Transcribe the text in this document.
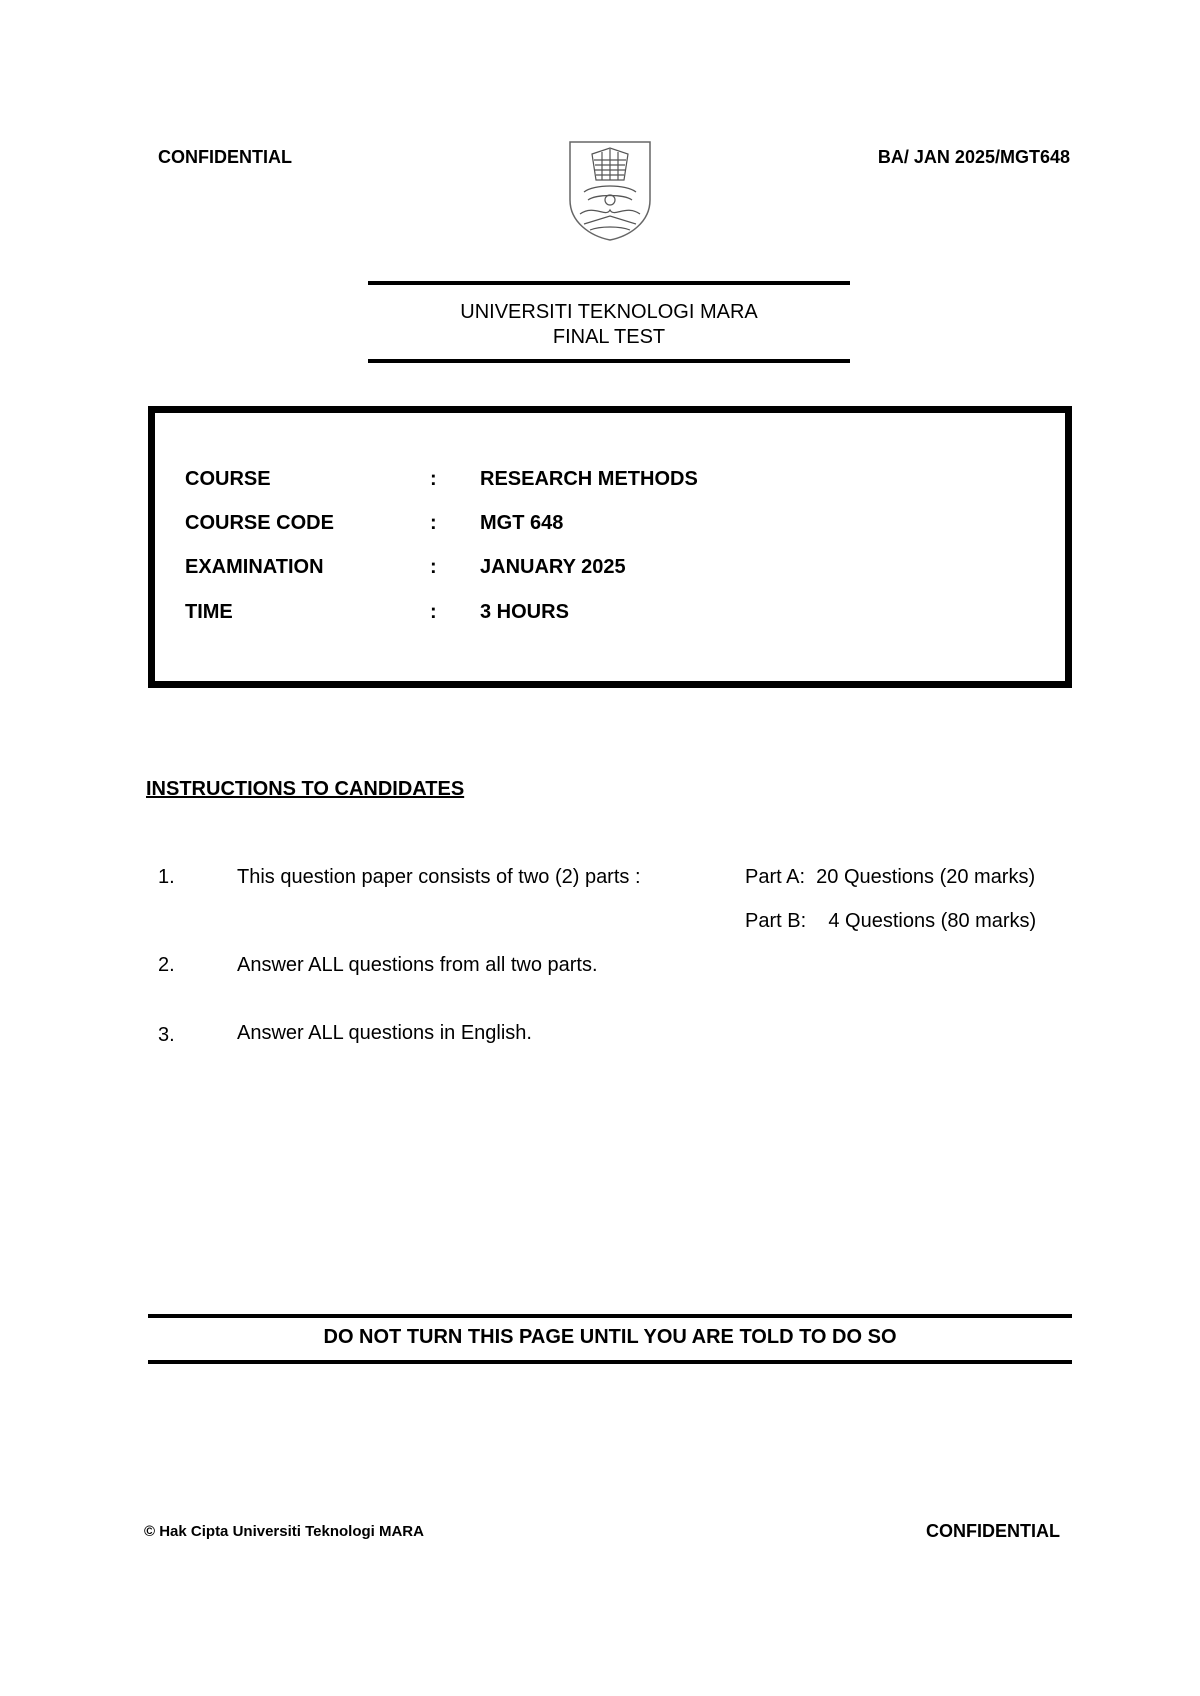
CONFIDENTIAL	BA/ JAN 2025/MGT648
UNIVERSITI TEKNOLOGI MARA
FINAL TEST
COURSE	: RESEARCH METHODS
COURSE CODE	: MGT 648
EXAMINATION	: JANUARY 2025
TIME	: 3 HOURS
INSTRUCTIONS TO CANDIDATES
1.	This question paper consists of two (2) parts :	Part A: 20 Questions (20 marks)
Part B:    4 Questions (80 marks)
2.	Answer ALL questions from all two parts.
3.	Answer ALL questions in English.
DO NOT TURN THIS PAGE UNTIL YOU ARE TOLD TO DO SO
© Hak Cipta Universiti Teknologi MARA	CONFIDENTIAL
